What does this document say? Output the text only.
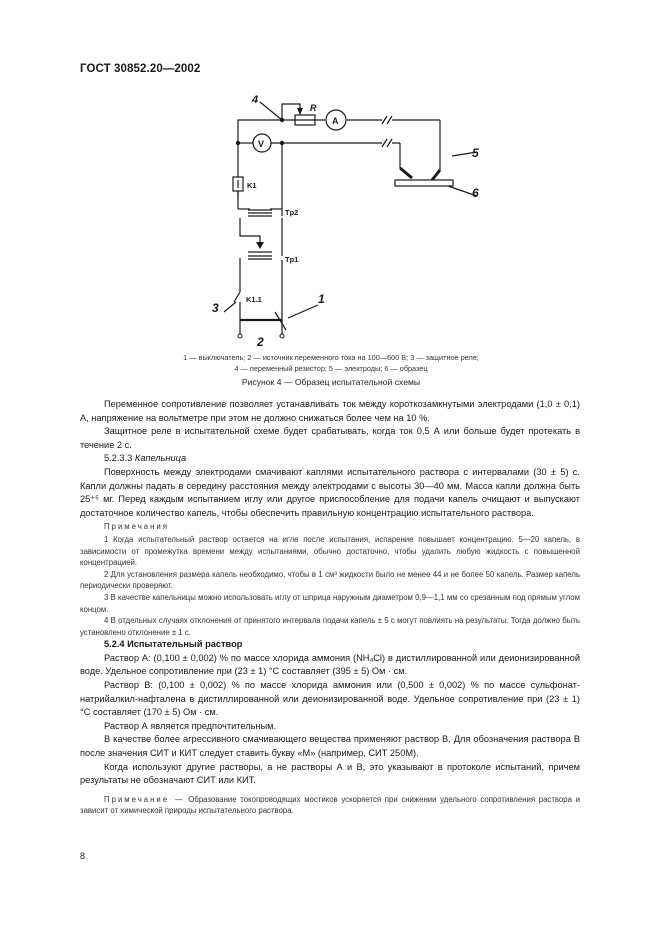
ГОСТ 30852.20—2002
4
R
A
V
K1
Tp2
Tp1
K1.1	1
2
3
5
6
1 — выключатель; 2 — источник переменного тока на 100—600 В; 3 — защитное реле;
4 — переменный резистор; 5 — электроды; 6 — образец
Рисунок 4 — Образец испытательной схемы

Переменное сопротивление позволяет устанавливать ток между короткозамкнутыми электродами (1,0 ± 0,1) А, напряжение на вольтметре при этом не должно снижаться более чем на 10 %.

Защитное реле в испытательной схеме будет срабатывать, когда ток 0,5 А или больше будет протекать в течение 2 с.

5.2.3.3 Капельница

Поверхность между электродами смачивают каплями испытательного раствора с интервалами (30 ± 5) с. Капли должны падать в середину расстояния между электродами с высоты 30—40 мм. Масса капли должна быть 25⁺⁵ мг. Перед каждым испытанием иглу или другое приспособление для подачи капель очищают и выпускают достаточное количество капель, чтобы обеспечить правильную концентрацию испытательного раствора.

Примечания

1 Когда испытательный раствор остается на игле после испытания, испарение повышает концентрацию. 5—20 капель, в зависимости от промежутка времени между испытаниями, обычно достаточно, чтобы удалить любую жидкость с повышенной концентрацией.

2 Для установления размера капель необходимо, чтобы в 1 см³ жидкости было не менее 44 и не более 50 капель. Размер капель периодически проверяют.

3 В качестве капельницы можно использовать иглу от шприца наружным диаметром 0,9—1,1 мм со срезанным под прямым углом концом.

4 В отдельных случаях отклонения от принятого интервала подачи капель ± 5 с могут повлиять на результаты. Тогда должно быть установлено отклонение ± 1 с.

5.2.4 Испытательный раствор

Раствор А: (0,100 ± 0,002) % по массе хлорида аммония (NH₄Cl) в дистиллированной или деионизированной воде. Удельное сопротивление при (23 ± 1) °С составляет (395 ± 5) Ом · см.

Раствор В: (0,100 ± 0,002) % по массе хлорида аммония или (0,500 ± 0,002) % по массе сульфонат-натрийалкил-нафталена в дистиллированной или деионизированной воде. Удельное сопротивление при (23 ± 1) °С составляет (170 ± 5) Ом · см.

Раствор А является предпочтительным.

В качестве более агрессивного смачивающего вещества применяют раствор В. Для обозначения раствора В после значения СИТ и КИТ следует ставить букву «М» (например, СИТ 250М).

Когда используют другие растворы, а не растворы А и В, это указывают в протоколе испытаний, причем результаты не обозначают СИТ или КИТ.

Примечание — Образование токопроводящих мостиков ускоряется при снижении удельного сопротивления раствора и зависит от химической природы испытательного раствора.

8
